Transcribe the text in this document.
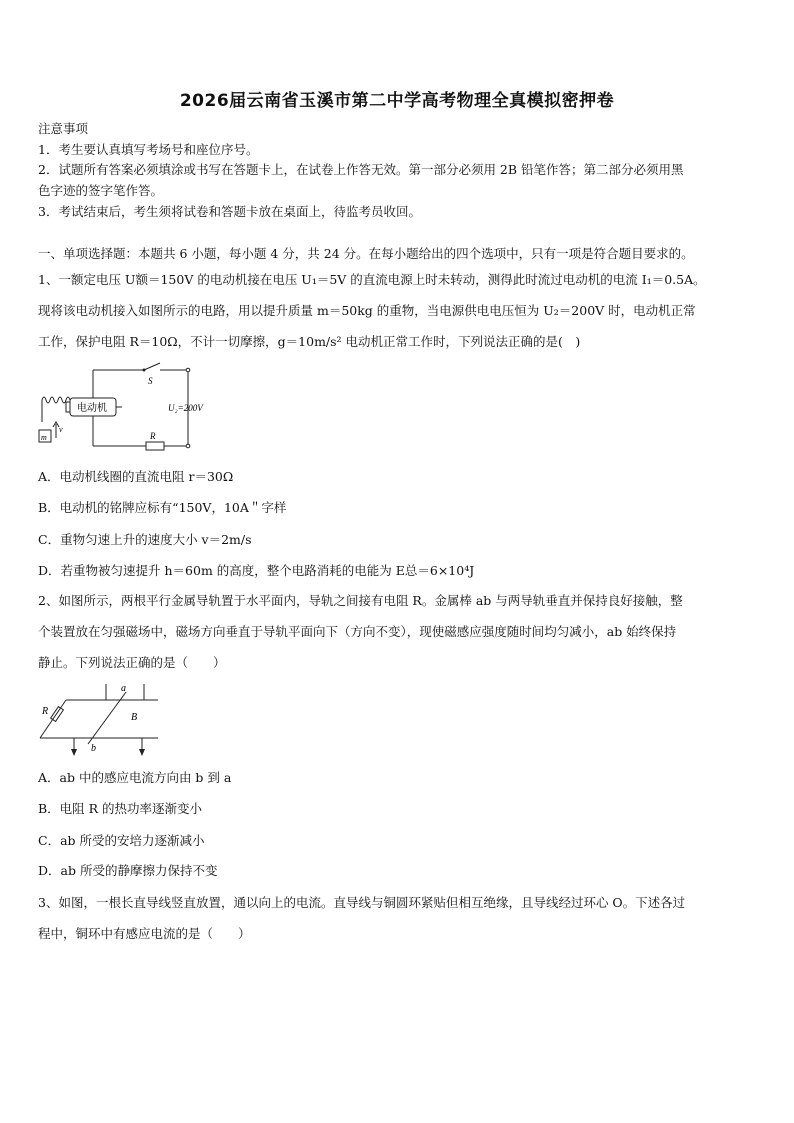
2026届云南省玉溪市第二中学高考物理全真模拟密押卷
注意事项
1．考生要认真填写考场号和座位序号。
2．试题所有答案必须填涂或书写在答题卡上，在试卷上作答无效。第一部分必须用 2B 铅笔作答；第二部分必须用黑
色字迹的签字笔作答。
3．考试结束后，考生须将试卷和答题卡放在桌面上，待监考员收回。
一、单项选择题：本题共 6 小题，每小题 4 分，共 24 分。在每小题给出的四个选项中，只有一项是符合题目要求的。
1、一额定电压 U额＝150V 的电动机接在电压 U₁＝5V 的直流电源上时未转动，测得此时流过电动机的电流 I₁＝0.5A。
现将该电动机接入如图所示的电路，用以提升质量 m＝50kg 的重物，当电源供电电压恒为 U₂＝200V 时，电动机正常
工作，保护电阻 R＝10Ω，不计一切摩擦，g＝10m/s² 电动机正常工作时，下列说法正确的是(　)
电动机
S
U₂=200V
R
m
v
A．电动机线圈的直流电阻 r＝30Ω
B．电动机的铭牌应标有“150V，10A＂字样
C．重物匀速上升的速度大小 v＝2m/s
D．若重物被匀速提升 h＝60m 的高度，整个电路消耗的电能为 E总＝6×10⁴J
2、如图所示，两根平行金属导轨置于水平面内，导轨之间接有电阻 R。金属棒 ab 与两导轨垂直并保持良好接触，整
个装置放在匀强磁场中，磁场方向垂直于导轨平面向下（方向不变），现使磁感应强度随时间均匀减小，ab 始终保持
静止。下列说法正确的是（　　）
R
a
b
B
A．ab 中的感应电流方向由 b 到 a
B．电阻 R 的热功率逐渐变小
C．ab 所受的安培力逐渐减小
D．ab 所受的静摩擦力保持不变
3、如图，一根长直导线竖直放置，通以向上的电流。直导线与铜圆环紧贴但相互绝缘，且导线经过环心 O。下述各过
程中，铜环中有感应电流的是（　　）
